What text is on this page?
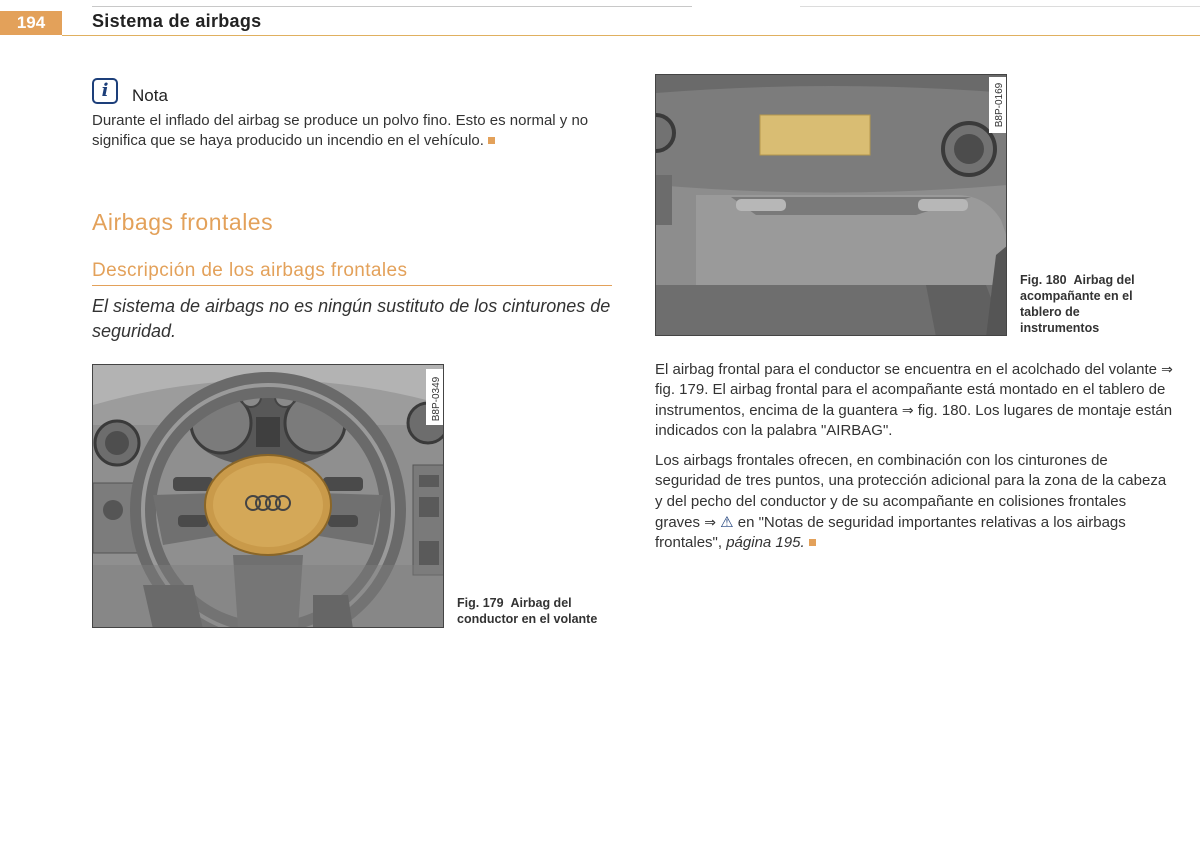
194	Sistema de airbags
i	Nota
Durante el inflado del airbag se produce un polvo fino. Esto es normal y no significa que se haya producido un incendio en el vehículo.
Airbags frontales
Descripción de los airbags frontales
El sistema de airbags no es ningún sustituto de los cinturones de seguridad.
B8P-0349
Fig. 179 Airbag del conductor en el volante
B8P-0169
Fig. 180 Airbag del acompañante en el tablero de instrumentos

El airbag frontal para el conductor se encuentra en el acolchado del volante ⇒ fig. 179. El airbag frontal para el acompañante está montado en el tablero de instrumentos, encima de la guantera ⇒ fig. 180. Los lugares de montaje están indicados con la palabra "AIRBAG".

Los airbags frontales ofrecen, en combinación con los cinturones de seguridad de tres puntos, una protección adicional para la zona de la cabeza y del pecho del conductor y de su acompañante en colisiones frontales graves ⇒ ⚠ en "Notas de seguridad importantes relativas a los airbags frontales", página 195.
